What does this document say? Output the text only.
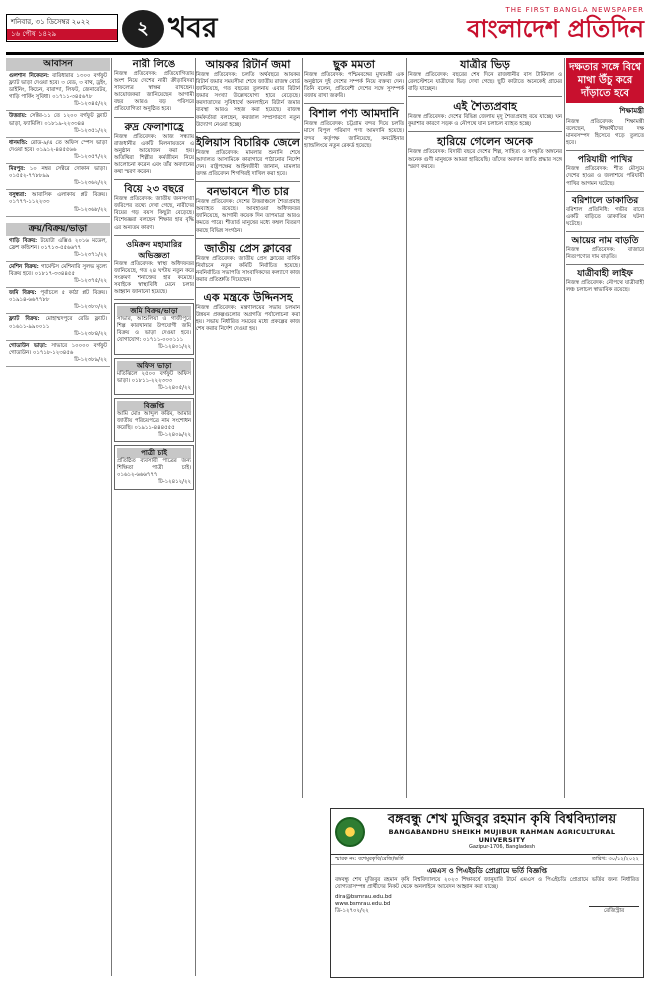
শনিবার, ৩১ ডিসেম্বর ২০২২
১৬ পৌষ ১৪২৯	২ খবর
THE FIRST BANGLA NEWSPAPER
বাংলাদেশ প্রতিদিন
আবাসন
গুলশান নিকেতন: বারিধারার ১৩০০ বর্গফুট ফ্ল্যাট ভাড়া দেওয়া হবে। ৩ বেড, ৩ বাথ, ড্রইং, ডাইনিং, কিচেন, বারান্দা, লিফট, জেনারেটর, গাড়ি পার্কিং সুবিধা। ০১৭১১-৩৪৫৬৭৮
ঢি-১২৩৪৫/২২
উত্তরায়: সেক্টর-১১ তে ১২০০ বর্গফুট ফ্ল্যাট ভাড়া, ফ্যামিলি। ০১৮১৯-২২৩৩৪৪
ঢি-১২৩৫১/২২
ধানমন্ডি: রোড-৯/এ তে অফিস স্পেস ভাড়া দেওয়া হবে। ০১৯১২-৪৪৫৫৬৬
ঢি-১২৩৫৭/২২
মিরপুর: ১০ নম্বর সেক্টরে দোকান ভাড়া। ০১৫৫২-৭৭৮৮৯৯
ঢি-১২৩৬২/২২
বসুন্ধরা: আবাসিক এলাকায় প্লট বিক্রয়। ০১৭৭৭-১১২২৩৩
ঢি-১২৩৬৮/২২
ক্রয়/বিক্রয়/ভাড়া
গাড়ি বিক্রয়: টয়োটা এক্সিও ২০১৬ মডেল, ফ্রেশ কন্ডিশন। ০১৭১৩-৫৫৬৬৭৭
ঢি-১২৩৭১/২২
মেশিন বিক্রয়: গার্মেন্টস মেশিনারি সুলভ মূল্যে বিক্রয় হবে। ০১৮১৭-৩৩৪৪৫৫
ঢি-১২৩৭৫/২২
জমি বিক্রয়: পূর্বাচলে ৫ কাঠা প্লট বিক্রয়। ০১৯১৪-৬৬৭৭৮৮
ঢি-১২৩৮০/২২
ফ্ল্যাট বিক্রয়: মোহাম্মদপুরে রেডি ফ্ল্যাট। ০১৬১১-৯৯০০১১
ঢি-১২৩৮৪/২২
গোডাউন ভাড়া: সাভারে ১০০০০ বর্গফুট গোডাউন। ০১৭১৮-১২৩৪৫৬
ঢি-১২৩৮৯/২২
নারী লিঙে
নিজস্ব প্রতিবেদক: প্রতিযোগিতায় অংশ নিয়ে দেশের নারী ক্রীড়াবিদরা সাফল্যের স্বাক্ষর রাখছেন। আয়োজকরা জানিয়েছেন আগামী বছর আরও বড় পরিসরে প্রতিযোগিতা অনুষ্ঠিত হবে।
রুদ্র ফেলাশাহ্রে
নিজস্ব প্রতিবেদক: আজ সন্ধ্যায় রাজধানীর একটি মিলনায়তনে এ অনুষ্ঠান আয়োজন করা হয়। অতিথিরা শিল্পীর কর্মজীবন নিয়ে আলোচনা করেন এবং তাঁর অবদানের কথা স্মরণ করেন।
বিয়ে ২৩ বছরে
নিজস্ব প্রতিবেদক: জাতীয় জনসংখ্যা জরিপের তথ্যে দেখা গেছে, নারীদের বিয়ের গড় বয়স কিছুটা বেড়েছে। বিশেষজ্ঞরা বলছেন শিক্ষার হার বৃদ্ধি এর অন্যতম কারণ।
ওমিক্রন মহামারির অভিজ্ঞতা
নিজস্ব প্রতিবেদক: স্বাস্থ্য অধিদফতর জানিয়েছে, গত ২৪ ঘণ্টায় নতুন করে সংক্রমণ শনাক্তের হার কমেছে। সবাইকে স্বাস্থ্যবিধি মেনে চলার আহ্বান জানানো হয়েছে।
জমি বিক্রয়/ভাড়া
সাভার, আশুলিয়া ও গাজীপুরে শিল্প কারখানার উপযোগী জমি বিক্রয় ও ভাড়া দেওয়া হবে। যোগাযোগ: ০১৭১১-০০০১১১
ঢি-১২৪০১/২২
অফিস ভাড়া
মতিঝিলে ২৫০০ বর্গফুট অফিস ভাড়া। ০১৮১১-২২২৩৩৩
ঢি-১২৪০৫/২২
বিজ্ঞপ্তি
আমি মোঃ আব্দুল করিম, আমার জাতীয় পরিচয়পত্রে নাম সংশোধন করেছি। ০১৯১১-৪৪৪৫৫৫
ঢি-১২৪০৯/২২
পাত্রী চাই
প্রতিষ্ঠিত ব্যবসায়ী পাত্রের জন্য শিক্ষিতা পাত্রী চাই। ০১৬১২-৬৬৬৭৭৭
ঢি-১২৪১২/২২
আয়কর রিটার্ন জমা
নিজস্ব প্রতিবেদক: চলতি অর্থবছরে আয়কর রিটার্ন জমার সময়সীমা শেষে জাতীয় রাজস্ব বোর্ড জানিয়েছে, গত বছরের তুলনায় এবার রিটার্ন জমার সংখ্যা উল্লেখযোগ্য হারে বেড়েছে। করদাতাদের সুবিধার্থে অনলাইনে রিটার্ন জমার ব্যবস্থা আরও সহজ করা হয়েছে। রাজস্ব কর্মকর্তারা বলছেন, করজাল সম্প্রসারণে নতুন উদ্যোগ নেওয়া হচ্ছে।
ইলিয়াস বিচারিক জেলে
নিজস্ব প্রতিবেদক: মামলার শুনানি শেষে আদালত আসামিকে কারাগারে পাঠানোর নির্দেশ দেন। রাষ্ট্রপক্ষের আইনজীবী জানান, মামলার তদন্ত প্রতিবেদন শিগগিরই দাখিল করা হবে।
বনভাবনে শীত চার
নিজস্ব প্রতিবেদক: দেশের উত্তরাঞ্চলে শৈত্যপ্রবাহ অব্যাহত রয়েছে। আবহাওয়া অধিদফতর জানিয়েছে, আগামী কয়েক দিন তাপমাত্রা আরও কমতে পারে। শীতার্ত মানুষের মধ্যে কম্বল বিতরণ করছে বিভিন্ন সংগঠন।
জাতীয় প্রেস ক্লাবের
নিজস্ব প্রতিবেদক: জাতীয় প্রেস ক্লাবের বার্ষিক নির্বাচনে নতুন কমিটি নির্বাচিত হয়েছে। নবনির্বাচিত সভাপতি সাংবাদিকদের কল্যাণে কাজ করার প্রতিশ্রুতি দিয়েছেন।
এক মন্ত্রকে উদ্দিনসহ
নিজস্ব প্রতিবেদক: মন্ত্রণালয়ের সভায় চলমান উন্নয়ন প্রকল্পগুলোর অগ্রগতি পর্যালোচনা করা হয়। সভায় নির্ধারিত সময়ের মধ্যে প্রকল্পের কাজ শেষ করার নির্দেশ দেওয়া হয়।
ছুক মমতা
নিজস্ব প্রতিবেদক: পশ্চিমবঙ্গের মুখ্যমন্ত্রী এক অনুষ্ঠানে দুই দেশের সম্পর্ক নিয়ে বক্তব্য দেন। তিনি বলেন, প্রতিবেশী দেশের সঙ্গে সুসম্পর্ক বজায় রাখা জরুরি।
বিশাল পণ্য আমদানি
নিজস্ব প্রতিবেদক: চট্টগ্রাম বন্দর দিয়ে চলতি মাসে বিপুল পরিমাণ পণ্য আমদানি হয়েছে। বন্দর কর্তৃপক্ষ জানিয়েছে, কনটেইনার হ্যান্ডলিংয়ে নতুন রেকর্ড হয়েছে।
যাত্রীর ভিড়
নিজস্ব প্রতিবেদক: বছরের শেষ দিনে রাজধানীর বাস টার্মিনাল ও রেলস্টেশনে যাত্রীদের ভিড় দেখা গেছে। ছুটি কাটাতে অনেকেই গ্রামের বাড়ি যাচ্ছেন।
এই শৈত্যপ্রবাহ
নিজস্ব প্রতিবেদক: দেশের বিভিন্ন জেলায় মৃদু শৈত্যপ্রবাহ বয়ে যাচ্ছে। ঘন কুয়াশার কারণে সড়ক ও নৌপথে যান চলাচল ব্যাহত হচ্ছে।
হারিয়ে গেলেন অনেক
নিজস্ব প্রতিবেদক: বিদায়ী বছরে দেশের শিল্প, সাহিত্য ও সংস্কৃতি অঙ্গনের অনেক গুণী মানুষকে আমরা হারিয়েছি। তাঁদের অবদান জাতি শ্রদ্ধার সঙ্গে স্মরণ করবে।
দক্ষতার সঙ্গে বিশ্বে মাথা উঁচু করে দাঁড়াতে হবে
শিক্ষামন্ত্রী
নিজস্ব প্রতিবেদক: শিক্ষামন্ত্রী বলেছেন, শিক্ষার্থীদের দক্ষ মানবসম্পদ হিসেবে গড়ে তুলতে হবে।
পরিযায়ী পাখির
নিজস্ব প্রতিবেদক: শীত মৌসুমে দেশের হাওর ও জলাশয়ে পরিযায়ী পাখির আগমন ঘটেছে।
বরিশালে ডাকাতির
বরিশাল প্রতিনিধি: গভীর রাতে একটি বাড়িতে ডাকাতির ঘটনা ঘটেছে।
আয়ের নাম বাড়তি
নিজস্ব প্রতিবেদক: বাজারে নিত্যপণ্যের দাম বাড়তি।
যাত্রীবাহী লাইফ
নিজস্ব প্রতিবেদক: নৌপথে যাত্রীবাহী লঞ্চ চলাচল স্বাভাবিক রয়েছে।
বঙ্গবন্ধু শেখ মুজিবুর রহমান কৃষি বিশ্ববিদ্যালয়
BANGABANDHU SHEIKH MUJIBUR RAHMAN AGRICULTURAL UNIVERSITY
Gazipur-1706, Bangladesh
স্মারক নং: বশেমুরকৃবি/রেজি/ভর্তি	তারিখ: ৩০/১২/২০২২
এমএস ও পিএইচডি প্রোগ্রামে ভর্তি বিজ্ঞপ্তি
বঙ্গবন্ধু শেখ মুজিবুর রহমান কৃষি বিশ্ববিদ্যালয়ে ২০২৩ শিক্ষাবর্ষে জানুয়ারি টার্মে এমএস ও পিএইচডি প্রোগ্রামে ভর্তির জন্য নির্ধারিত যোগ্যতাসম্পন্ন প্রার্থীদের নিকট থেকে অনলাইনে আবেদন আহ্বান করা যাচ্ছে।
dira@bsmrau.edu.bd
www.bsmrau.edu.bd
ডি-১২৭০২/২২	রেজিস্ট্রার
